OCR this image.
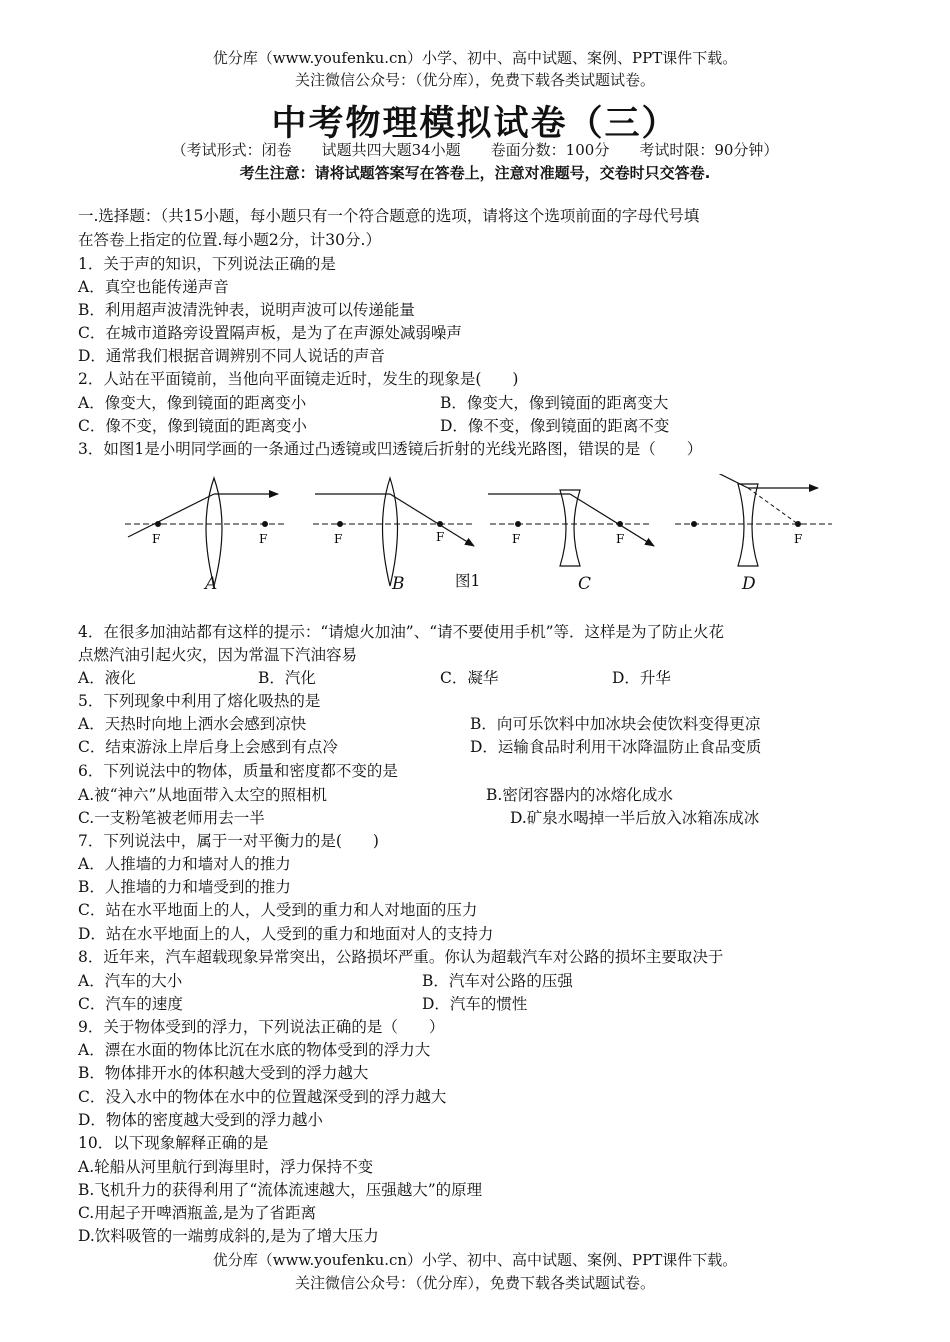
优分库（www.youfenku.cn）小学、初中、高中试题、案例、PPT课件下载。
关注微信公众号：（优分库），免费下载各类试题试卷。
中考物理模拟试卷（三）
（考试形式：闭卷　　试题共四大题34小题　　卷面分数：100分　　考试时限：90分钟）
考生注意：请将试题答案写在答卷上，注意对准题号，交卷时只交答卷.
一.选择题：（共15小题，每小题只有一个符合题意的选项，请将这个选项前面的字母代号填
在答卷上指定的位置.每小题2分，计30分.）
1．关于声的知识，下列说法正确的是
A．真空也能传递声音
B．利用超声波清洗钟表，说明声波可以传递能量
C．在城市道路旁设置隔声板，是为了在声源处减弱噪声
D．通常我们根据音调辨别不同人说话的声音
2．人站在平面镜前，当他向平面镜走近时，发生的现象是(　　)
A．像变大，像到镜面的距离变小	B．像变大，像到镜面的距离变大
C．像不变，像到镜面的距离变小	D．像不变，像到镜面的距离不变
3．如图1是小明同学画的一条通过凸透镜或凹透镜后折射的光线光路图，错误的是（　　）
F	F	F	F	F	F	F
A	B	图1	C	D
4．在很多加油站都有这样的提示：“请熄火加油”、“请不要使用手机”等．这样是为了防止火花
点燃汽油引起火灾，因为常温下汽油容易
A．液化	B．汽化	C．凝华	D．升华
5．下列现象中利用了熔化吸热的是
A．天热时向地上洒水会感到凉快	B．向可乐饮料中加冰块会使饮料变得更凉
C．结束游泳上岸后身上会感到有点冷	D．运输食品时利用干冰降温防止食品变质
6．下列说法中的物体，质量和密度都不变的是
A.被“神六”从地面带入太空的照相机	B.密闭容器内的冰熔化成水
C.一支粉笔被老师用去一半	D.矿泉水喝掉一半后放入冰箱冻成冰
7．下列说法中，属于一对平衡力的是(　　)
A．人推墙的力和墙对人的推力
B．人推墙的力和墙受到的推力
C．站在水平地面上的人，人受到的重力和人对地面的压力
D．站在水平地面上的人，人受到的重力和地面对人的支持力
8．近年来，汽车超载现象异常突出，公路损坏严重。你认为超载汽车对公路的损坏主要取决于
A．汽车的大小	B．汽车对公路的压强
C．汽车的速度	D．汽车的惯性
9．关于物体受到的浮力，下列说法正确的是（　　）
A．漂在水面的物体比沉在水底的物体受到的浮力大
B．物体排开水的体积越大受到的浮力越大
C．没入水中的物体在水中的位置越深受到的浮力越大
D．物体的密度越大受到的浮力越小
10．以下现象解释正确的是
A.轮船从河里航行到海里时，浮力保持不变
B.飞机升力的获得利用了“流体流速越大，压强越大”的原理
C.用起子开啤酒瓶盖,是为了省距离
D.饮料吸管的一端剪成斜的,是为了增大压力
优分库（www.youfenku.cn）小学、初中、高中试题、案例、PPT课件下载。
关注微信公众号：（优分库），免费下载各类试题试卷。
